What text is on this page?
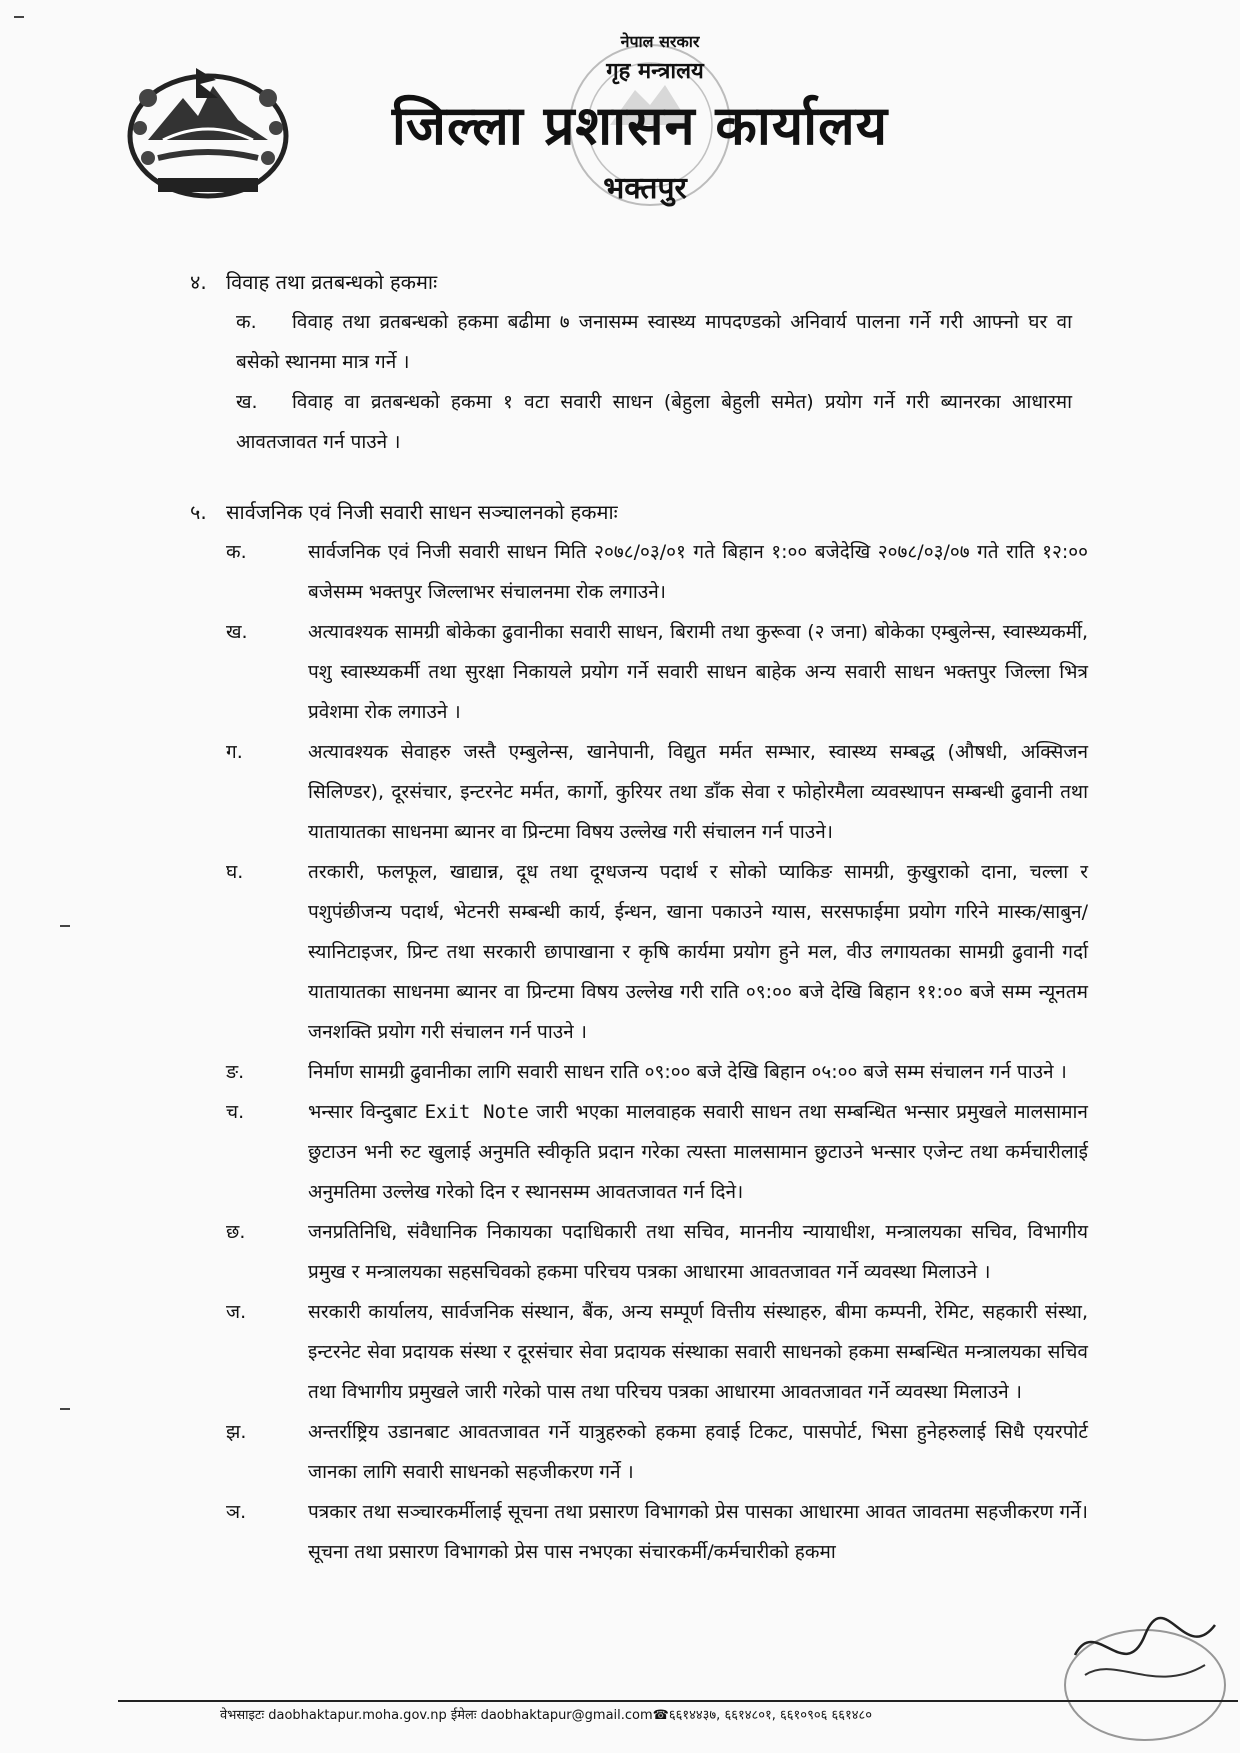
नेपाल सरकार
गृह मन्त्रालय
जिल्ला प्रशासन कार्यालय
भक्तपुर
४. विवाह तथा व्रतबन्धको हकमाः
क.	विवाह तथा व्रतबन्धको हकमा बढीमा ७ जनासम्म स्वास्थ्य मापदण्डको अनिवार्य पालना गर्ने गरी आफ्नो घर वा बसेको स्थानमा मात्र गर्ने ।
ख.	विवाह वा व्रतबन्धको हकमा १ वटा सवारी साधन (बेहुला बेहुली समेत) प्रयोग गर्ने गरी ब्यानरका आधारमा आवतजावत गर्न पाउने ।
५. सार्वजनिक एवं निजी सवारी साधन सञ्चालनको हकमाः
क.	सार्वजनिक एवं निजी सवारी साधन मिति २०७८/०३/०१ गते बिहान १:०० बजेदेखि २०७८/०३/०७ गते राति १२:०० बजेसम्म भक्तपुर जिल्लाभर संचालनमा रोक लगाउने।
ख.	अत्यावश्यक सामग्री बोकेका ढुवानीका सवारी साधन, बिरामी तथा कुरूवा (२ जना) बोकेका एम्बुलेन्स, स्वास्थ्यकर्मी, पशु स्वास्थ्यकर्मी तथा सुरक्षा निकायले प्रयोग गर्ने सवारी साधन बाहेक अन्य सवारी साधन भक्तपुर जिल्ला भित्र प्रवेशमा रोक लगाउने ।
ग.	अत्यावश्यक सेवाहरु जस्तै एम्बुलेन्स, खानेपानी, विद्युत मर्मत सम्भार, स्वास्थ्य सम्बद्ध (औषधी, अक्सिजन सिलिण्डर), दूरसंचार, इन्टरनेट मर्मत, कार्गो, कुरियर तथा डाँक सेवा र फोहोरमैला व्यवस्थापन सम्बन्धी ढुवानी तथा यातायातका साधनमा ब्यानर वा प्रिन्टमा विषय उल्लेख गरी संचालन गर्न पाउने।
घ.	तरकारी, फलफूल, खाद्यान्न, दूध तथा दूग्धजन्य पदार्थ र सोको प्याकिङ सामग्री, कुखुराको दाना, चल्ला र पशुपंछीजन्य पदार्थ, भेटनरी सम्बन्धी कार्य, ईन्धन, खाना पकाउने ग्यास, सरसफाईमा प्रयोग गरिने मास्क/साबुन/स्यानिटाइजर, प्रिन्ट तथा सरकारी छापाखाना र कृषि कार्यमा प्रयोग हुने मल, वीउ लगायतका सामग्री ढुवानी गर्दा यातायातका साधनमा ब्यानर वा प्रिन्टमा विषय उल्लेख गरी राति ०९:०० बजे देखि बिहान ११:०० बजे सम्म न्यूनतम जनशक्ति प्रयोग गरी संचालन गर्न पाउने ।
ङ.	निर्माण सामग्री ढुवानीका लागि सवारी साधन राति ०९:०० बजे देखि बिहान ०५:०० बजे सम्म संचालन गर्न पाउने ।
च.	भन्सार विन्दुबाट Exit Note जारी भएका मालवाहक सवारी साधन तथा सम्बन्धित भन्सार प्रमुखले मालसामान छुटाउन भनी रुट खुलाई अनुमति स्वीकृति प्रदान गरेका त्यस्ता मालसामान छुटाउने भन्सार एजेन्ट तथा कर्मचारीलाई अनुमतिमा उल्लेख गरेको दिन र स्थानसम्म आवतजावत गर्न दिने।
छ.	जनप्रतिनिधि, संवैधानिक निकायका पदाधिकारी तथा सचिव, माननीय न्यायाधीश, मन्त्रालयका सचिव, विभागीय प्रमुख र मन्त्रालयका सहसचिवको हकमा परिचय पत्रका आधारमा आवतजावत गर्ने व्यवस्था मिलाउने ।
ज.	सरकारी कार्यालय, सार्वजनिक संस्थान, बैंक, अन्य सम्पूर्ण वित्तीय संस्थाहरु, बीमा कम्पनी, रेमिट, सहकारी संस्था, इन्टरनेट सेवा प्रदायक संस्था र दूरसंचार सेवा प्रदायक संस्थाका सवारी साधनको हकमा सम्बन्धित मन्त्रालयका सचिव तथा विभागीय प्रमुखले जारी गरेको पास तथा परिचय पत्रका आधारमा आवतजावत गर्ने व्यवस्था मिलाउने ।
झ.	अन्तर्राष्ट्रिय उडानबाट आवतजावत गर्ने यात्रुहरुको हकमा हवाई टिकट, पासपोर्ट, भिसा हुनेहरुलाई सिधै एयरपोर्ट जानका लागि सवारी साधनको सहजीकरण गर्ने ।
ञ.	पत्रकार तथा सञ्चारकर्मीलाई सूचना तथा प्रसारण विभागको प्रेस पासका आधारमा आवत जावतमा सहजीकरण गर्ने। सूचना तथा प्रसारण विभागको प्रेस पास नभएका संचारकर्मी/कर्मचारीको हकमा
वेभसाइटः daobhaktapur.moha.gov.np ईमेलः daobhaktapur@gmail.com☎६६१४४३७, ६६१४८०१, ६६१०९०६ ६६१४८०
